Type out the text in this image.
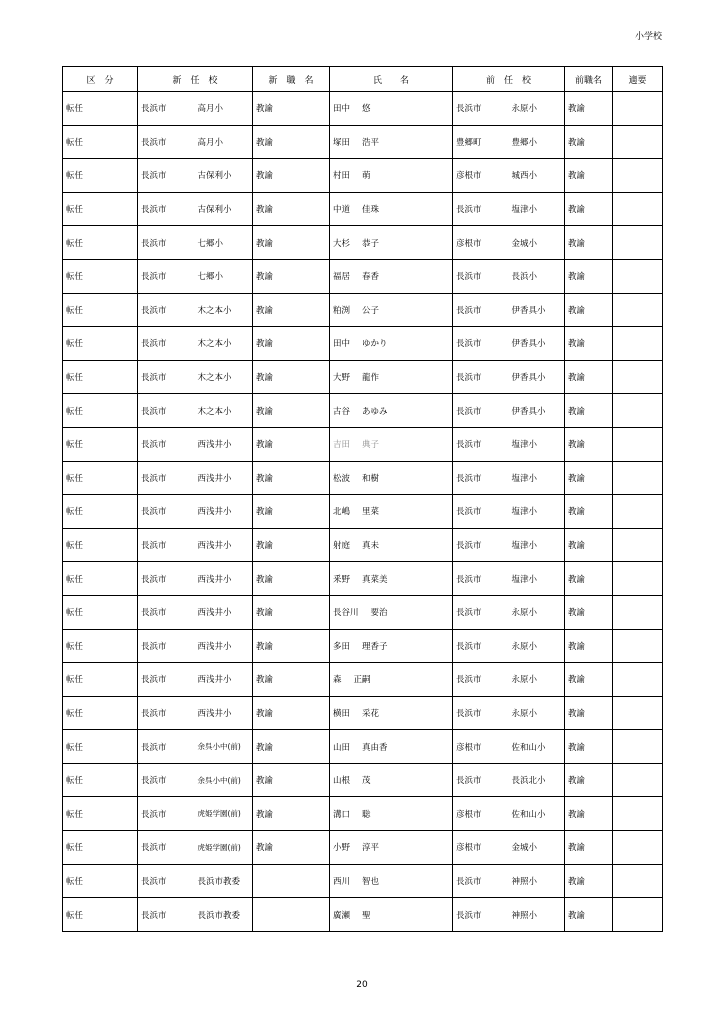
小学校
区　分	新　任　校		新　職　名	氏　　名	前　任　校		前職名	適要
転任	長浜市	高月小	教諭	田中 悠	長浜市	永原小	教諭	
転任	長浜市	高月小	教諭	塚田 浩平	豊郷町	豊郷小	教諭	
転任	長浜市	古保利小	教諭	村田 萌	彦根市	城西小	教諭	
転任	長浜市	古保利小	教諭	中道 佳珠	長浜市	塩津小	教諭	
転任	長浜市	七郷小	教諭	大杉 恭子	彦根市	金城小	教諭	
転任	長浜市	七郷小	教諭	福居 春香	長浜市	長浜小	教諭	
転任	長浜市	木之本小	教諭	粕渕 公子	長浜市	伊香具小	教諭	
転任	長浜市	木之本小	教諭	田中 ゆかり	長浜市	伊香具小	教諭	
転任	長浜市	木之本小	教諭	大野 龍作	長浜市	伊香具小	教諭	
転任	長浜市	木之本小	教諭	古谷 あゆみ	長浜市	伊香具小	教諭	
転任	長浜市	西浅井小	教諭	吉田 典子	長浜市	塩津小	教諭	
転任	長浜市	西浅井小	教諭	松波 和樹	長浜市	塩津小	教諭	
転任	長浜市	西浅井小	教諭	北嶋 里菜	長浜市	塩津小	教諭	
転任	長浜市	西浅井小	教諭	射庭 真未	長浜市	塩津小	教諭	
転任	長浜市	西浅井小	教諭	釆野 真菜美	長浜市	塩津小	教諭	
転任	長浜市	西浅井小	教諭	長谷川 要治	長浜市	永原小	教諭	
転任	長浜市	西浅井小	教諭	多田 理香子	長浜市	永原小	教諭	
転任	長浜市	西浅井小	教諭	森 正嗣	長浜市	永原小	教諭	
転任	長浜市	西浅井小	教諭	横田 采花	長浜市	永原小	教諭	
転任	長浜市	余呉小中(前)	教諭	山田 真由香	彦根市	佐和山小	教諭	
転任	長浜市	余呉小中(前)	教諭	山根 茂	長浜市	長浜北小	教諭	
転任	長浜市	虎姫学園(前)	教諭	溝口 聡	彦根市	佐和山小	教諭	
転任	長浜市	虎姫学園(前)	教諭	小野 淳平	彦根市	金城小	教諭	
転任	長浜市	長浜市教委		西川 智也	長浜市	神照小	教諭	
転任	長浜市	長浜市教委		廣瀬 聖	長浜市	神照小	教諭	
20
